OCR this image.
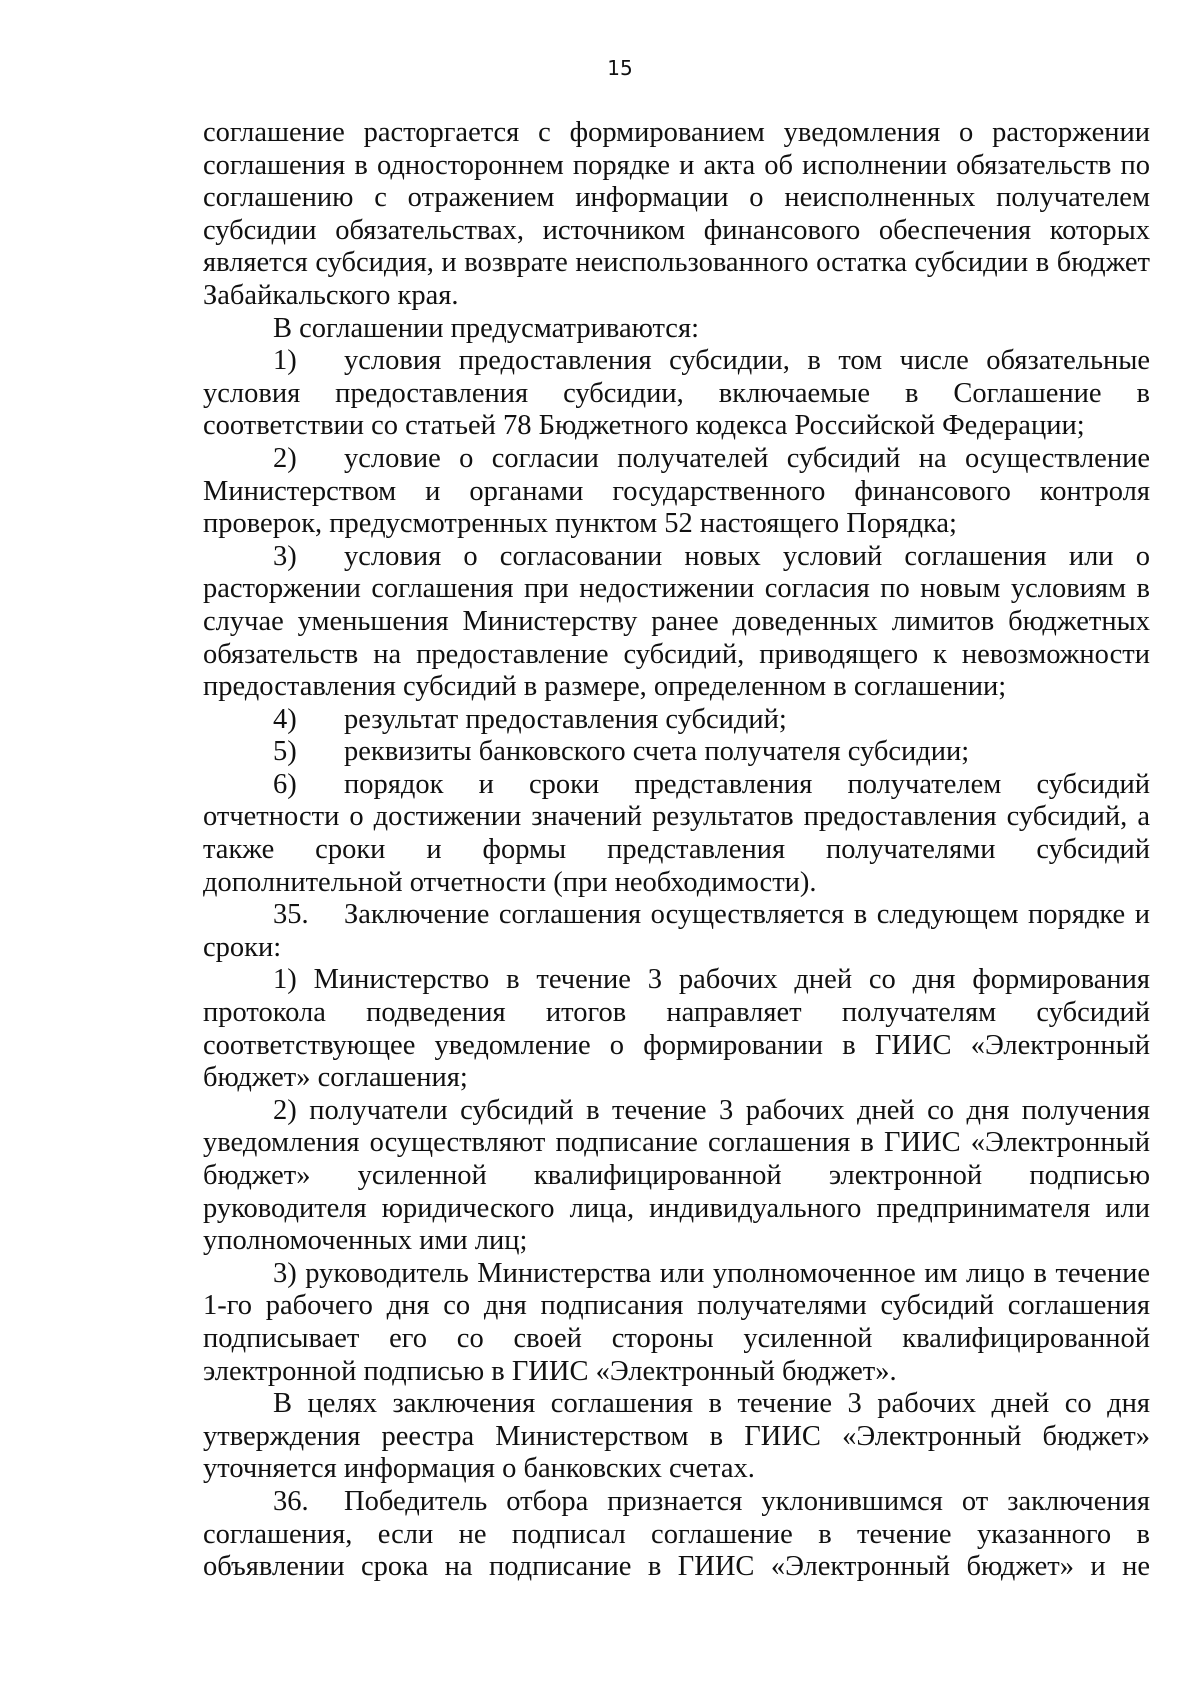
15

соглашение расторгается с формированием уведомления о расторжении соглашения в одностороннем порядке и акта об исполнении обязательств по соглашению с отражением информации о неисполненных получателем субсидии обязательствах, источником финансового обеспечения которых является субсидия, и возврате неиспользованного остатка субсидии в бюджет Забайкальского края.

В соглашении предусматриваются:

1) условия предоставления субсидии, в том числе обязательные условия предоставления субсидии, включаемые в Соглашение в соответствии со статьей 78 Бюджетного кодекса Российской Федерации;

2) условие о согласии получателей субсидий на осуществление Министерством и органами государственного финансового контроля проверок, предусмотренных пунктом 52 настоящего Порядка;

3) условия о согласовании новых условий соглашения или о расторжении соглашения при недостижении согласия по новым условиям в случае уменьшения Министерству ранее доведенных лимитов бюджетных обязательств на предоставление субсидий, приводящего к невозможности предоставления субсидий в размере, определенном в соглашении;

4) результат предоставления субсидий;

5) реквизиты банковского счета получателя субсидии;

6) порядок и сроки представления получателем субсидий отчетности о достижении значений результатов предоставления субсидий, а также сроки и формы представления получателями субсидий дополнительной отчетности (при необходимости).

35. Заключение соглашения осуществляется в следующем порядке и сроки:

1) Министерство в течение 3 рабочих дней со дня формирования протокола подведения итогов направляет получателям субсидий соответствующее уведомление о формировании в ГИИС «Электронный бюджет» соглашения;

2) получатели субсидий в течение 3 рабочих дней со дня получения уведомления осуществляют подписание соглашения в ГИИС «Электронный бюджет» усиленной квалифицированной электронной подписью руководителя юридического лица, индивидуального предпринимателя или уполномоченных ими лиц;

3) руководитель Министерства или уполномоченное им лицо в течение 1-го рабочего дня со дня подписания получателями субсидий соглашения подписывает его со своей стороны усиленной квалифицированной электронной подписью в ГИИС «Электронный бюджет».

В целях заключения соглашения в течение 3 рабочих дней со дня утверждения реестра Министерством в ГИИС «Электронный бюджет» уточняется информация о банковских счетах.

36. Победитель отбора признается уклонившимся от заключения соглашения, если не подписал соглашение в течение указанного в объявлении срока на подписание в ГИИС «Электронный бюджет» и не
